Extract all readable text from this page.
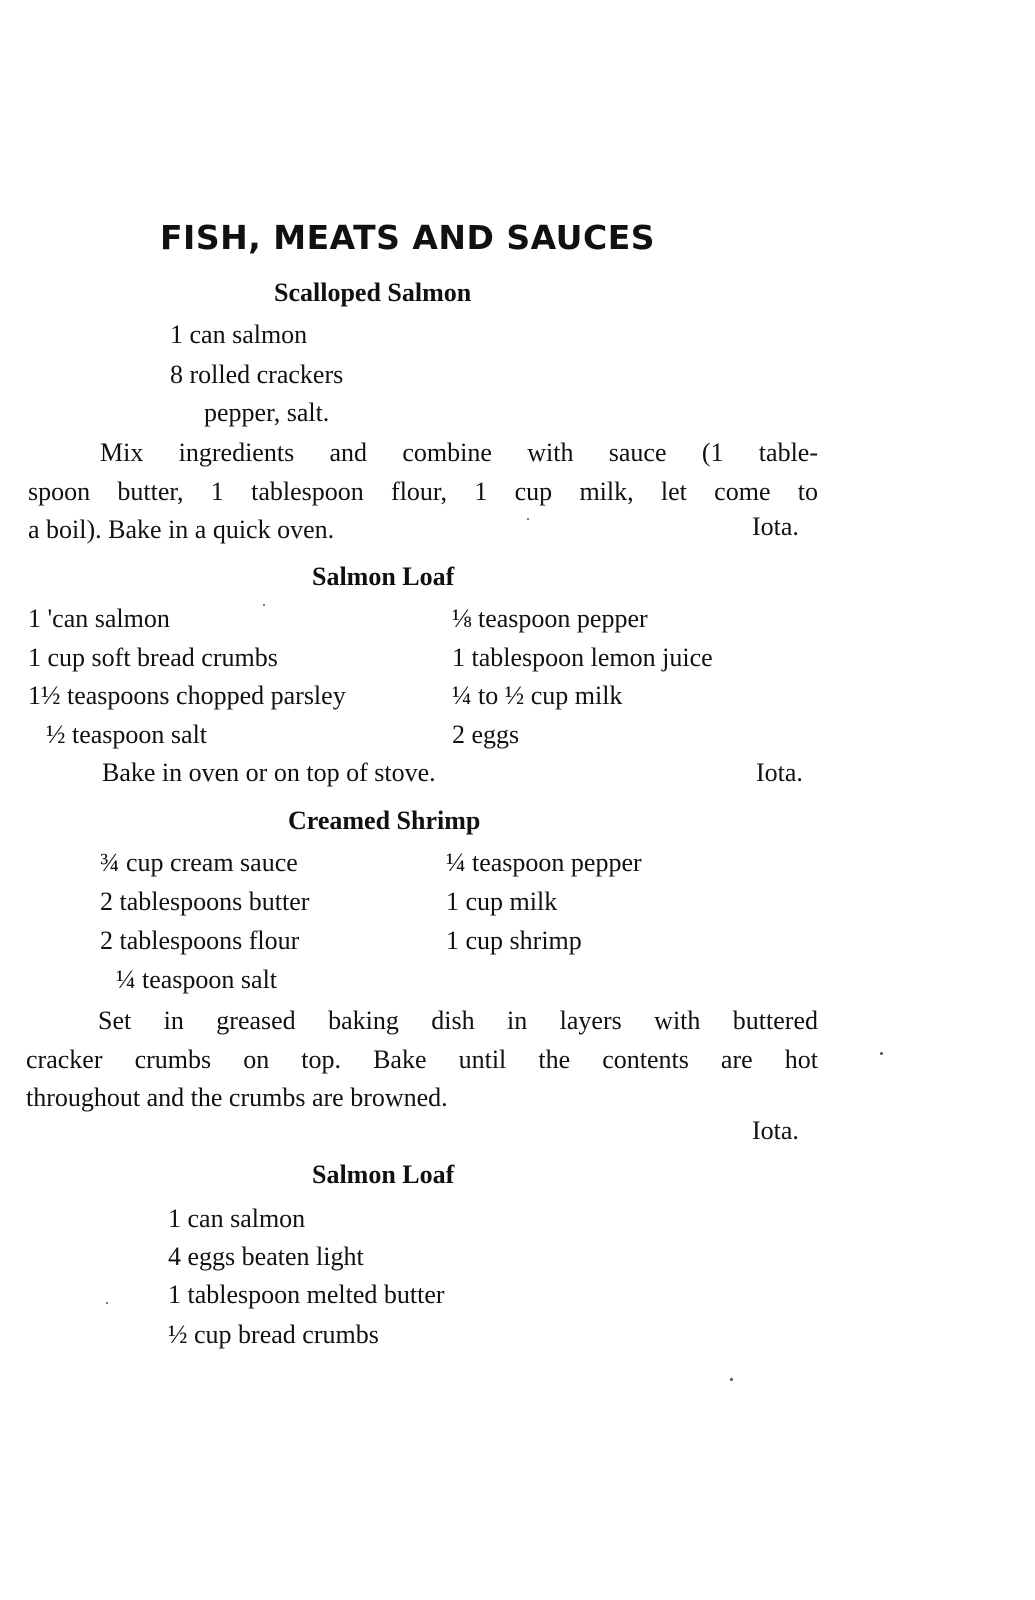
FISH, MEATS AND SAUCES
Scalloped Salmon
1 can salmon
8 rolled crackers
pepper, salt.
Mix ingredients and combine with sauce (1 table-
spoon butter, 1 tablespoon flour, 1 cup milk, let come to
a boil). Bake in a quick oven.	Iota.
Salmon Loaf
1 'can salmon
1 cup soft bread crumbs
1½ teaspoons chopped parsley
½ teaspoon salt
⅛ teaspoon pepper
1 tablespoon lemon juice
¼ to ½ cup milk
2 eggs
Bake in oven or on top of stove.	Iota.
Creamed Shrimp
¾ cup cream sauce
2 tablespoons butter
2 tablespoons flour
¼ teaspoon salt
¼ teaspoon pepper
1 cup milk
1 cup shrimp
Set in greased baking dish in layers with buttered
cracker crumbs on top. Bake until the contents are hot
throughout and the crumbs are browned.
Iota.
Salmon Loaf
1 can salmon
4 eggs beaten light
1 tablespoon melted butter
½ cup bread crumbs
